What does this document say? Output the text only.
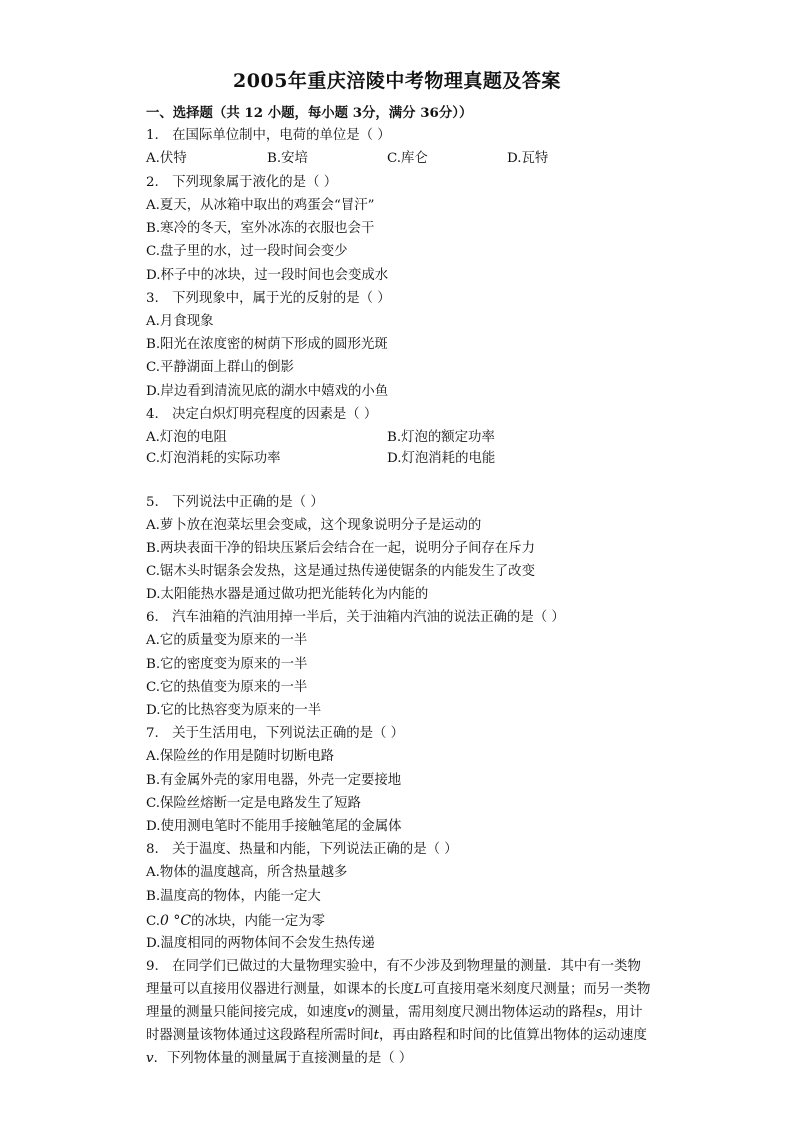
2005年重庆涪陵中考物理真题及答案
一、选择题（共 12 小题，每小题 3分，满分 36分））
1.　在国际单位制中，电荷的单位是（ ）
A.伏特	B.安培	C.库仑	D.瓦特
2.　下列现象属于液化的是（ ）
A.夏天，从冰箱中取出的鸡蛋会“冒汗”
B.寒冷的冬天，室外冰冻的衣服也会干
C.盘子里的水，过一段时间会变少
D.杯子中的冰块，过一段时间也会变成水
3.　下列现象中，属于光的反射的是（ ）
A.月食现象
B.阳光在浓度密的树荫下形成的圆形光斑
C.平静湖面上群山的倒影
D.岸边看到清流见底的湖水中嬉戏的小鱼
4.　决定白炽灯明亮程度的因素是（ ）
A.灯泡的电阻	B.灯泡的额定功率
C.灯泡消耗的实际功率	D.灯泡消耗的电能
5.　下列说法中正确的是（ ）
A.萝卜放在泡菜坛里会变咸，这个现象说明分子是运动的
B.两块表面干净的铅块压紧后会结合在一起，说明分子间存在斥力
C.锯木头时锯条会发热，这是通过热传递使锯条的内能发生了改变
D.太阳能热水器是通过做功把光能转化为内能的
6.　汽车油箱的汽油用掉一半后，关于油箱内汽油的说法正确的是（ ）
A.它的质量变为原来的一半
B.它的密度变为原来的一半
C.它的热值变为原来的一半
D.它的比热容变为原来的一半
7.　关于生活用电，下列说法正确的是（ ）
A.保险丝的作用是随时切断电路
B.有金属外壳的家用电器，外壳一定要接地
C.保险丝熔断一定是电路发生了短路
D.使用测电笔时不能用手接触笔尾的金属体
8.　关于温度、热量和内能，下列说法正确的是（ ）
A.物体的温度越高，所含热量越多
B.温度高的物体，内能一定大
C.0 °C的冰块，内能一定为零
D.温度相同的两物体间不会发生热传递
9.　在同学们已做过的大量物理实验中，有不少涉及到物理量的测量．其中有一类物
理量可以直接用仪器进行测量，如课本的长度L可直接用毫米刻度尺测量；而另一类物
理量的测量只能间接完成，如速度v的测量，需用刻度尺测出物体运动的路程s，用计
时器测量该物体通过这段路程所需时间t，再由路程和时间的比值算出物体的运动速度
v．下列物体量的测量属于直接测量的是（ ）
